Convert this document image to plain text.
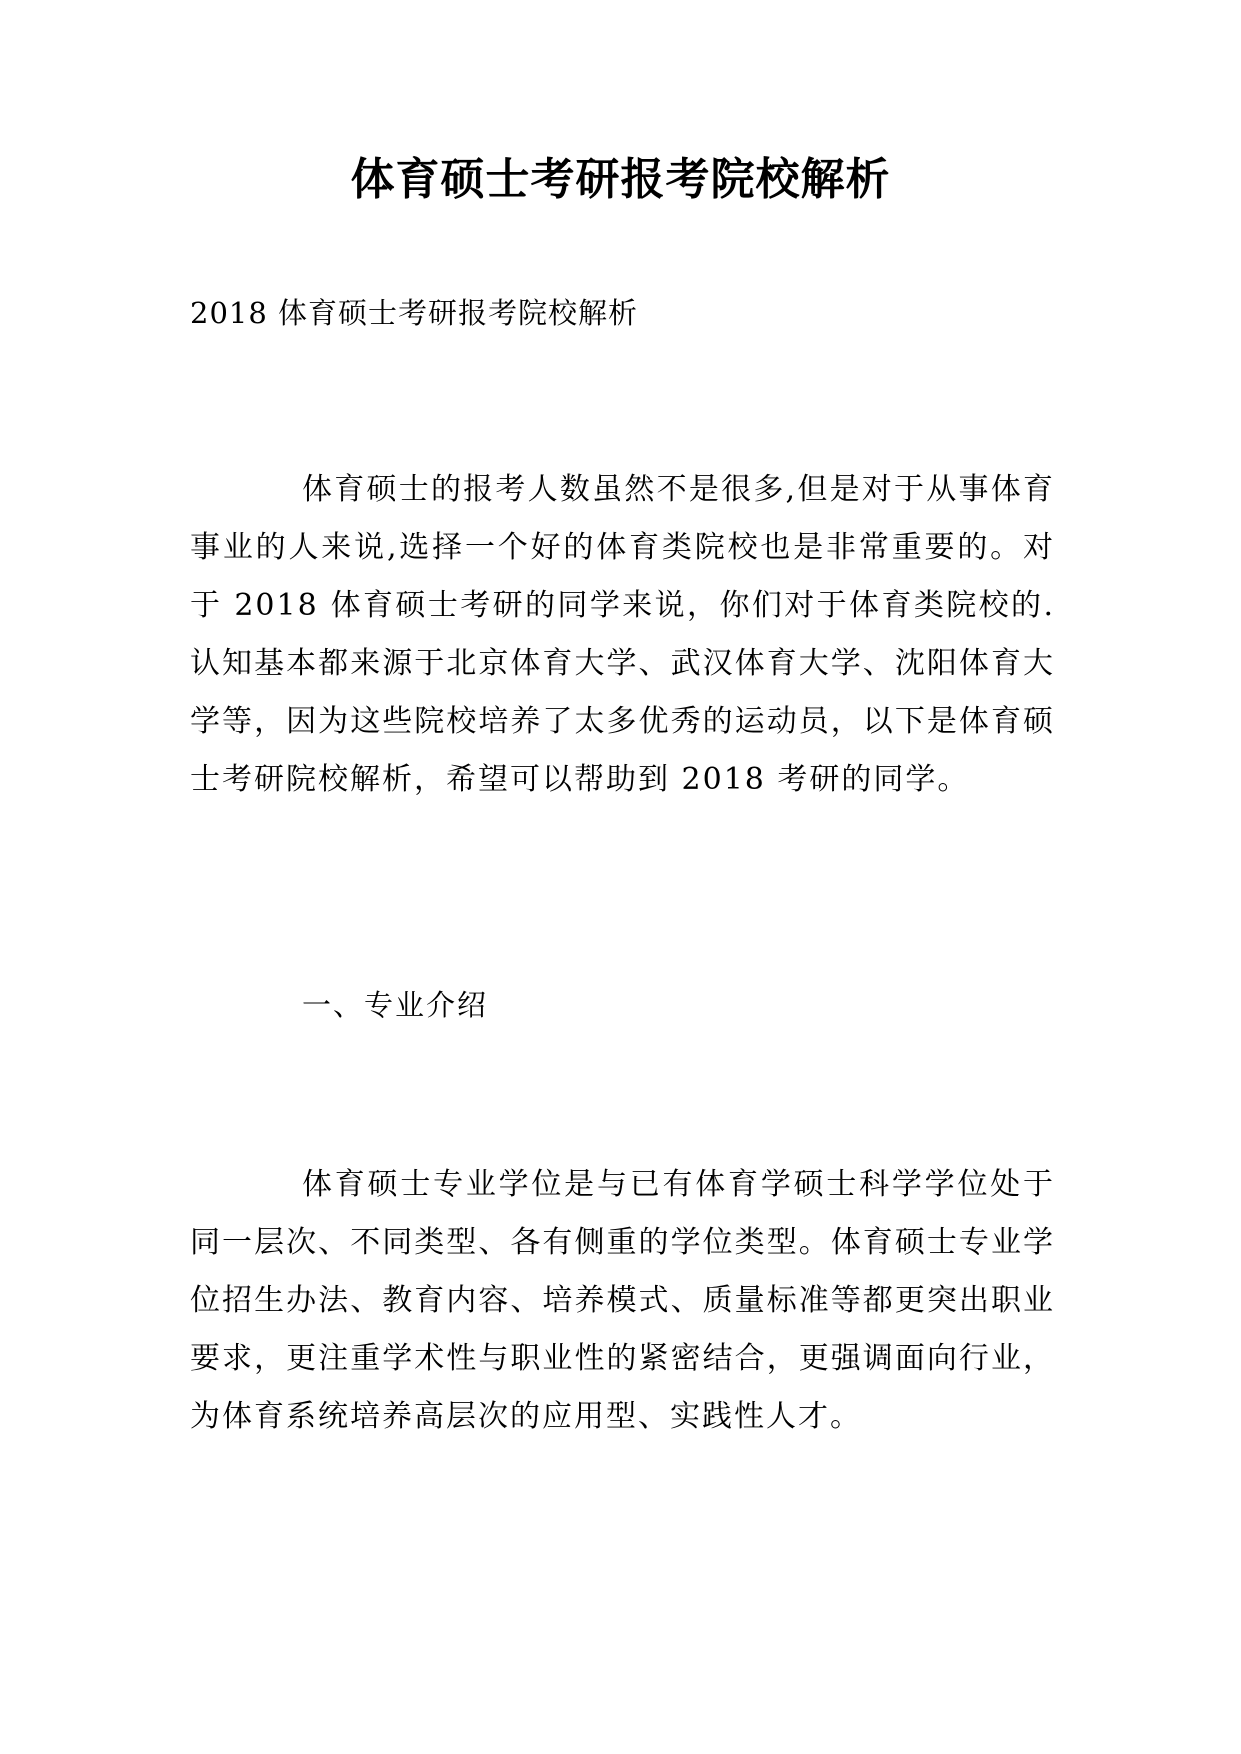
体育硕士考研报考院校解析

2018 体育硕士考研报考院校解析

体育硕士的报考人数虽然不是很多,但是对于从事体育事业的人来说,选择一个好的体育类院校也是非常重要的。对于 2018 体育硕士考研的同学来说，你们对于体育类院校的.认知基本都来源于北京体育大学、武汉体育大学、沈阳体育大学等，因为这些院校培养了太多优秀的运动员，以下是体育硕士考研院校解析，希望可以帮助到 2018 考研的同学。

一、专业介绍

体育硕士专业学位是与已有体育学硕士科学学位处于同一层次、不同类型、各有侧重的学位类型。体育硕士专业学位招生办法、教育内容、培养模式、质量标准等都更突出职业要求，更注重学术性与职业性的紧密结合，更强调面向行业，为体育系统培养高层次的应用型、实践性人才。
